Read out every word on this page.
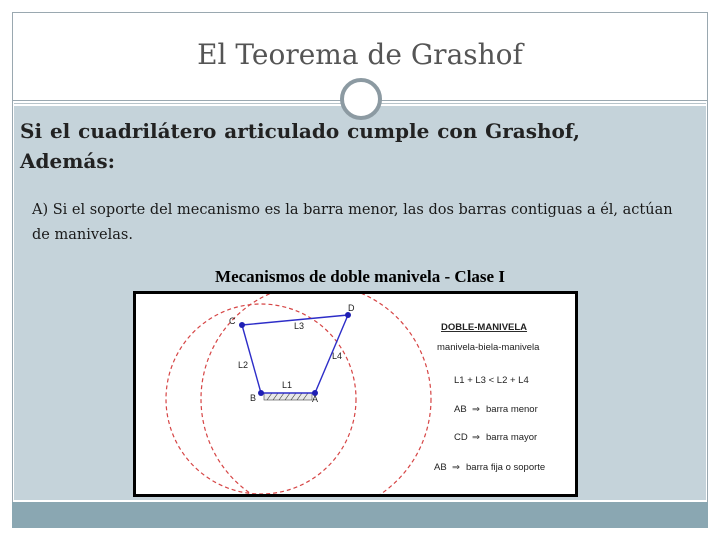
El Teorema de Grashof
Si el cuadrilátero articulado cumple con Grashof, Además:
A) Si el soporte del mecanismo es la barra menor, las dos barras contiguas a él, actúan de manivelas.
Mecanismos de doble manivela - Clase I
C
D
B	A
L3
L2
L1
L4
DOBLE-MANIVELA
manivela-biela-manivela
L1 + L3 < L2 + L4
AB ⇒ barra menor
CD ⇒ barra mayor
AB ⇒ barra fija o soporte
